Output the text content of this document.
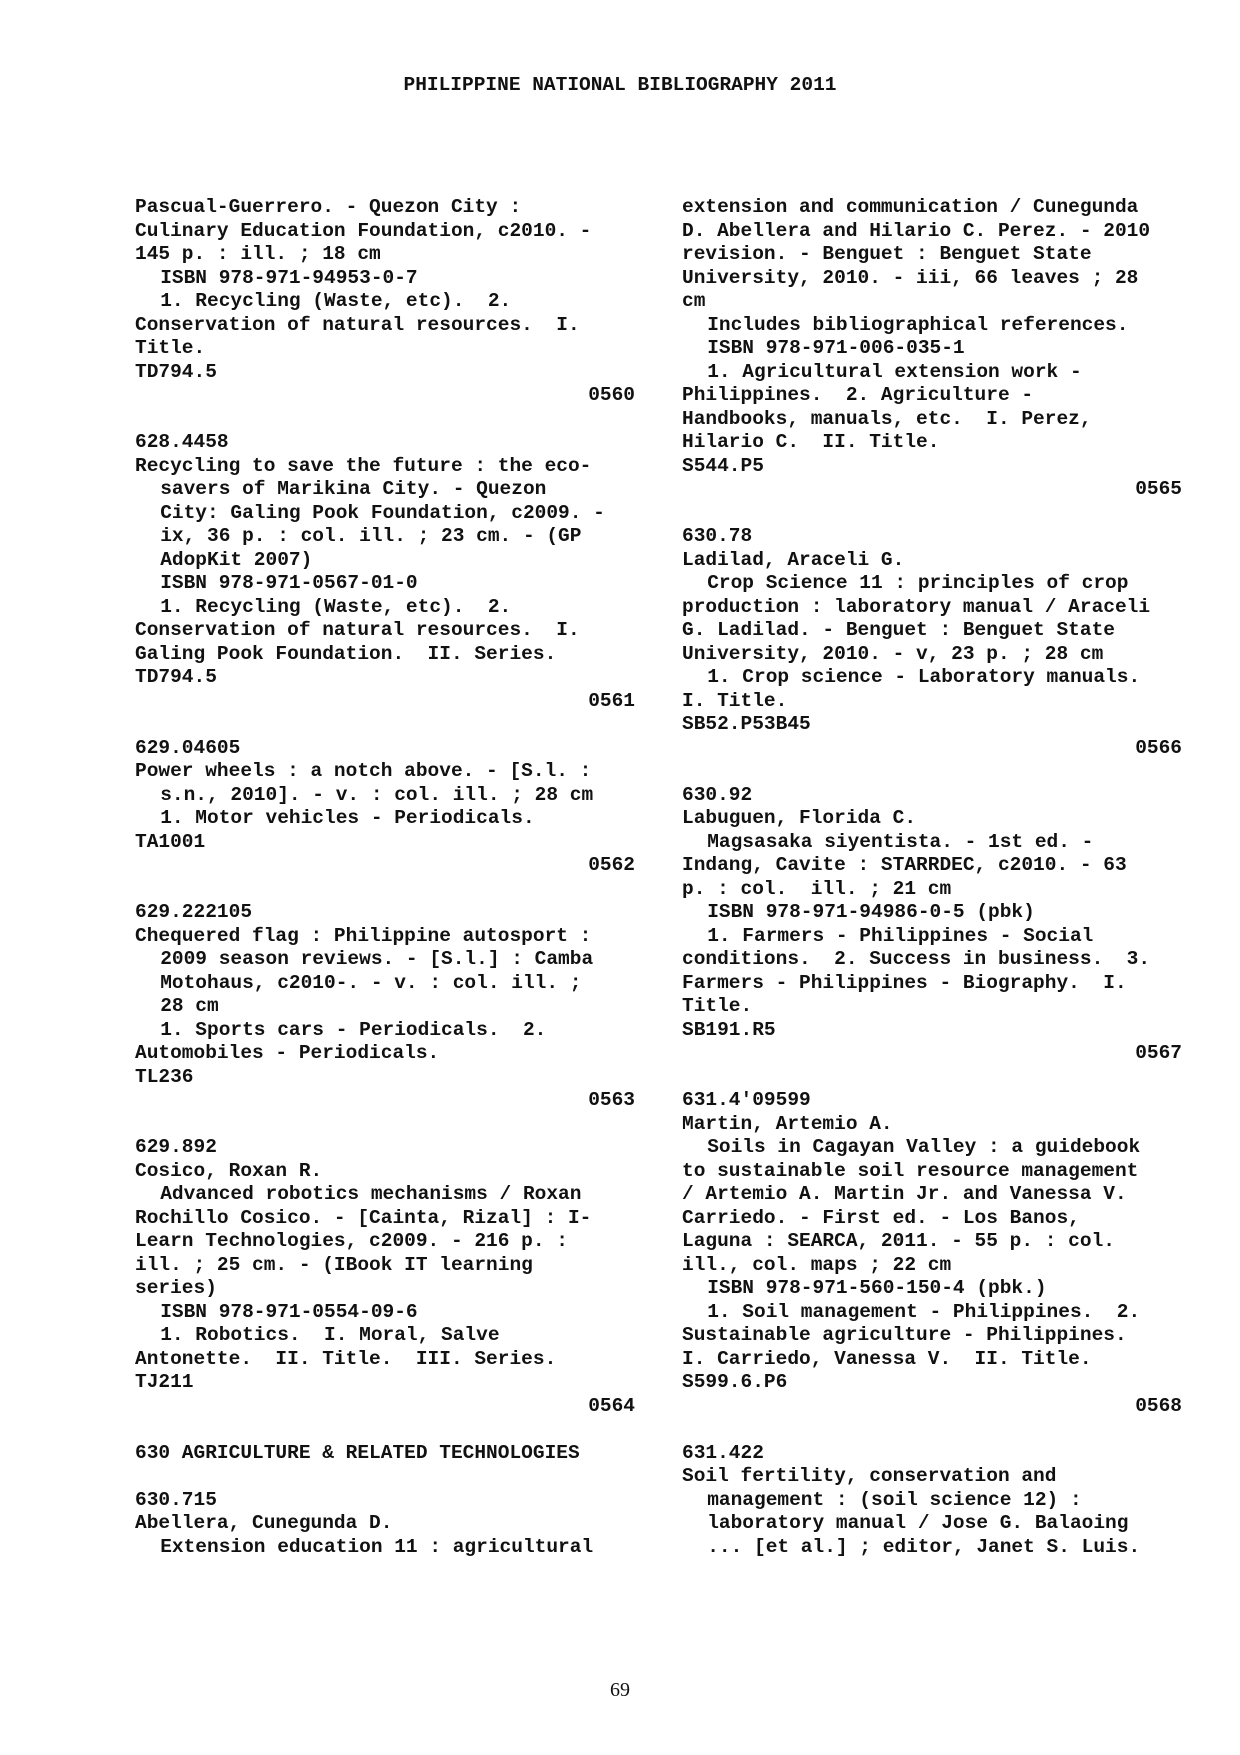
PHILIPPINE NATIONAL BIBLIOGRAPHY 2011
Pascual-Guerrero. - Quezon City :
Culinary Education Foundation, c2010. -
145 p. : ill. ; 18 cm
ISBN 978-971-94953-0-7
1. Recycling (Waste, etc).  2.
Conservation of natural resources.  I.
Title.
TD794.5
0560
628.4458
Recycling to save the future : the eco-
savers of Marikina City. - Quezon
City: Galing Pook Foundation, c2009. -
ix, 36 p. : col. ill. ; 23 cm. - (GP
AdopKit 2007)
ISBN 978-971-0567-01-0
1. Recycling (Waste, etc).  2.
Conservation of natural resources.  I.
Galing Pook Foundation.  II. Series.
TD794.5
0561
629.04605
Power wheels : a notch above. - [S.l. :
s.n., 2010]. - v. : col. ill. ; 28 cm
1. Motor vehicles - Periodicals.
TA1001
0562
629.222105
Chequered flag : Philippine autosport :
2009 season reviews. - [S.l.] : Camba
Motohaus, c2010-. - v. : col. ill. ;
28 cm
1. Sports cars - Periodicals.  2.
Automobiles - Periodicals.
TL236
0563
629.892
Cosico, Roxan R.
Advanced robotics mechanisms / Roxan
Rochillo Cosico. - [Cainta, Rizal] : I-
Learn Technologies, c2009. - 216 p. :
ill. ; 25 cm. - (IBook IT learning
series)
ISBN 978-971-0554-09-6
1. Robotics.  I. Moral, Salve
Antonette.  II. Title.  III. Series.
TJ211
0564
630 AGRICULTURE & RELATED TECHNOLOGIES
630.715
Abellera, Cunegunda D.
Extension education 11 : agricultural
extension and communication / Cunegunda
D. Abellera and Hilario C. Perez. - 2010
revision. - Benguet : Benguet State
University, 2010. - iii, 66 leaves ; 28
cm
Includes bibliographical references.
ISBN 978-971-006-035-1
1. Agricultural extension work -
Philippines.  2. Agriculture -
Handbooks, manuals, etc.  I. Perez,
Hilario C.  II. Title.
S544.P5
0565
630.78
Ladilad, Araceli G.
Crop Science 11 : principles of crop
production : laboratory manual / Araceli
G. Ladilad. - Benguet : Benguet State
University, 2010. - v, 23 p. ; 28 cm
1. Crop science - Laboratory manuals.
I. Title.
SB52.P53B45
0566
630.92
Labuguen, Florida C.
Magsasaka siyentista. - 1st ed. -
Indang, Cavite : STARRDEC, c2010. - 63
p. : col.  ill. ; 21 cm
ISBN 978-971-94986-0-5 (pbk)
1. Farmers - Philippines - Social
conditions.  2. Success in business.  3.
Farmers - Philippines - Biography.  I.
Title.
SB191.R5
0567
631.4'09599
Martin, Artemio A.
Soils in Cagayan Valley : a guidebook
to sustainable soil resource management
/ Artemio A. Martin Jr. and Vanessa V.
Carriedo. - First ed. - Los Banos,
Laguna : SEARCA, 2011. - 55 p. : col.
ill., col. maps ; 22 cm
ISBN 978-971-560-150-4 (pbk.)
1. Soil management - Philippines.  2.
Sustainable agriculture - Philippines.
I. Carriedo, Vanessa V.  II. Title.
S599.6.P6
0568
631.422
Soil fertility, conservation and
management : (soil science 12) :
laboratory manual / Jose G. Balaoing
... [et al.] ; editor, Janet S. Luis.
69
